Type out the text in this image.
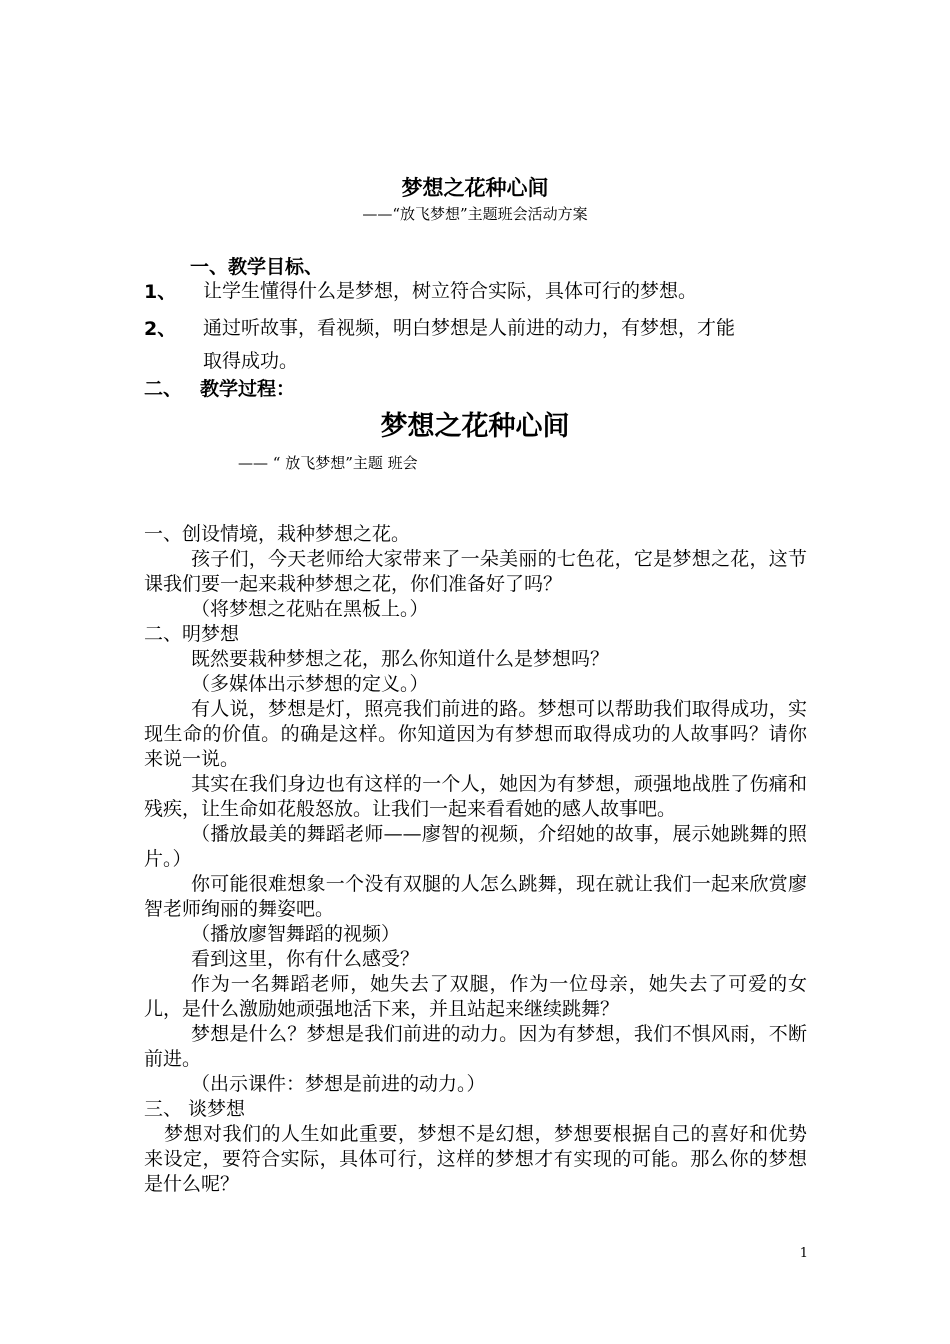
梦想之花种心间
——“放飞梦想”主题班会活动方案
一、教学目标、
1、 让学生懂得什么是梦想，树立符合实际，具体可行的梦想。
2、 通过听故事，看视频，明白梦想是人前进的动力，有梦想，才能
取得成功。
二、 教学过程：
梦想之花种心间
—— “ 放飞梦想”主题 班会

一、创设情境，栽种梦想之花。

孩子们，今天老师给大家带来了一朵美丽的七色花，它是梦想之花，这节课我们要一起来栽种梦想之花，你们准备好了吗？

（将梦想之花贴在黑板上。）

二、明梦想

既然要栽种梦想之花，那么你知道什么是梦想吗？

（多媒体出示梦想的定义。）

有人说，梦想是灯，照亮我们前进的路。梦想可以帮助我们取得成功，实现生命的价值。的确是这样。你知道因为有梦想而取得成功的人故事吗？请你来说一说。

其实在我们身边也有这样的一个人，她因为有梦想，顽强地战胜了伤痛和残疾，让生命如花般怒放。让我们一起来看看她的感人故事吧。

（播放最美的舞蹈老师——廖智的视频，介绍她的故事，展示她跳舞的照片。）

你可能很难想象一个没有双腿的人怎么跳舞，现在就让我们一起来欣赏廖智老师绚丽的舞姿吧。

（播放廖智舞蹈的视频）

看到这里，你有什么感受？

作为一名舞蹈老师，她失去了双腿，作为一位母亲，她失去了可爱的女儿，是什么激励她顽强地活下来，并且站起来继续跳舞？

梦想是什么？梦想是我们前进的动力。因为有梦想，我们不惧风雨，不断前进。

（出示课件：梦想是前进的动力。）

三、 谈梦想

梦想对我们的人生如此重要，梦想不是幻想，梦想要根据自己的喜好和优势来设定，要符合实际，具体可行，这样的梦想才有实现的可能。那么你的梦想是什么呢？

1
